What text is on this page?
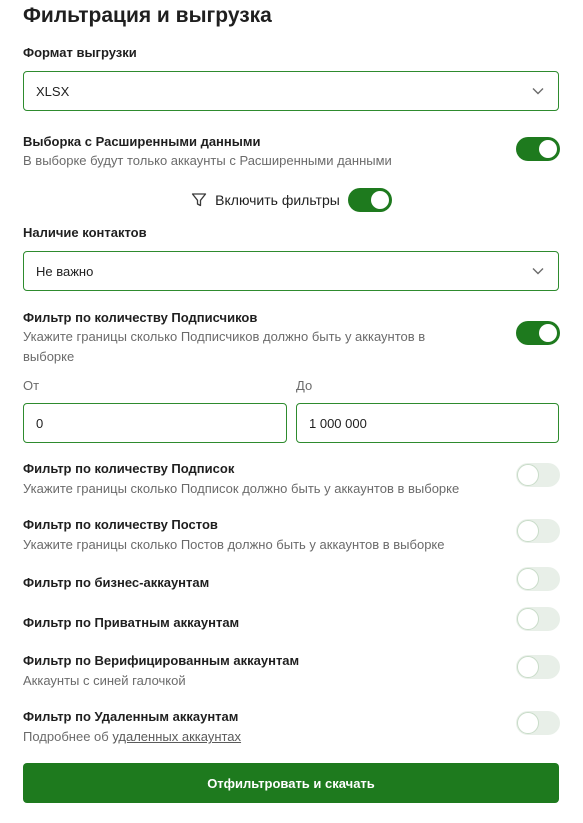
Фильтрация и выгрузка
Формат выгрузки
XLSX
Выборка с Расширенными данными
В выборке будут только аккаунты с Расширенными данными
Включить фильтры
Наличие контактов
Не важно
Фильтр по количеству Подписчиков
Укажите границы сколько Подписчиков должно быть у аккаунтов в
выборке
От	До
0	1 000 000
Фильтр по количеству Подписок
Укажите границы сколько Подписок должно быть у аккаунтов в выборке
Фильтр по количеству Постов
Укажите границы сколько Постов должно быть у аккаунтов в выборке
Фильтр по бизнес-аккаунтам
Фильтр по Приватным аккаунтам
Фильтр по Верифицированным аккаунтам
Аккаунты с синей галочкой
Фильтр по Удаленным аккаунтам
Подробнее об удаленных аккаунтах
Отфильтровать и скачать
